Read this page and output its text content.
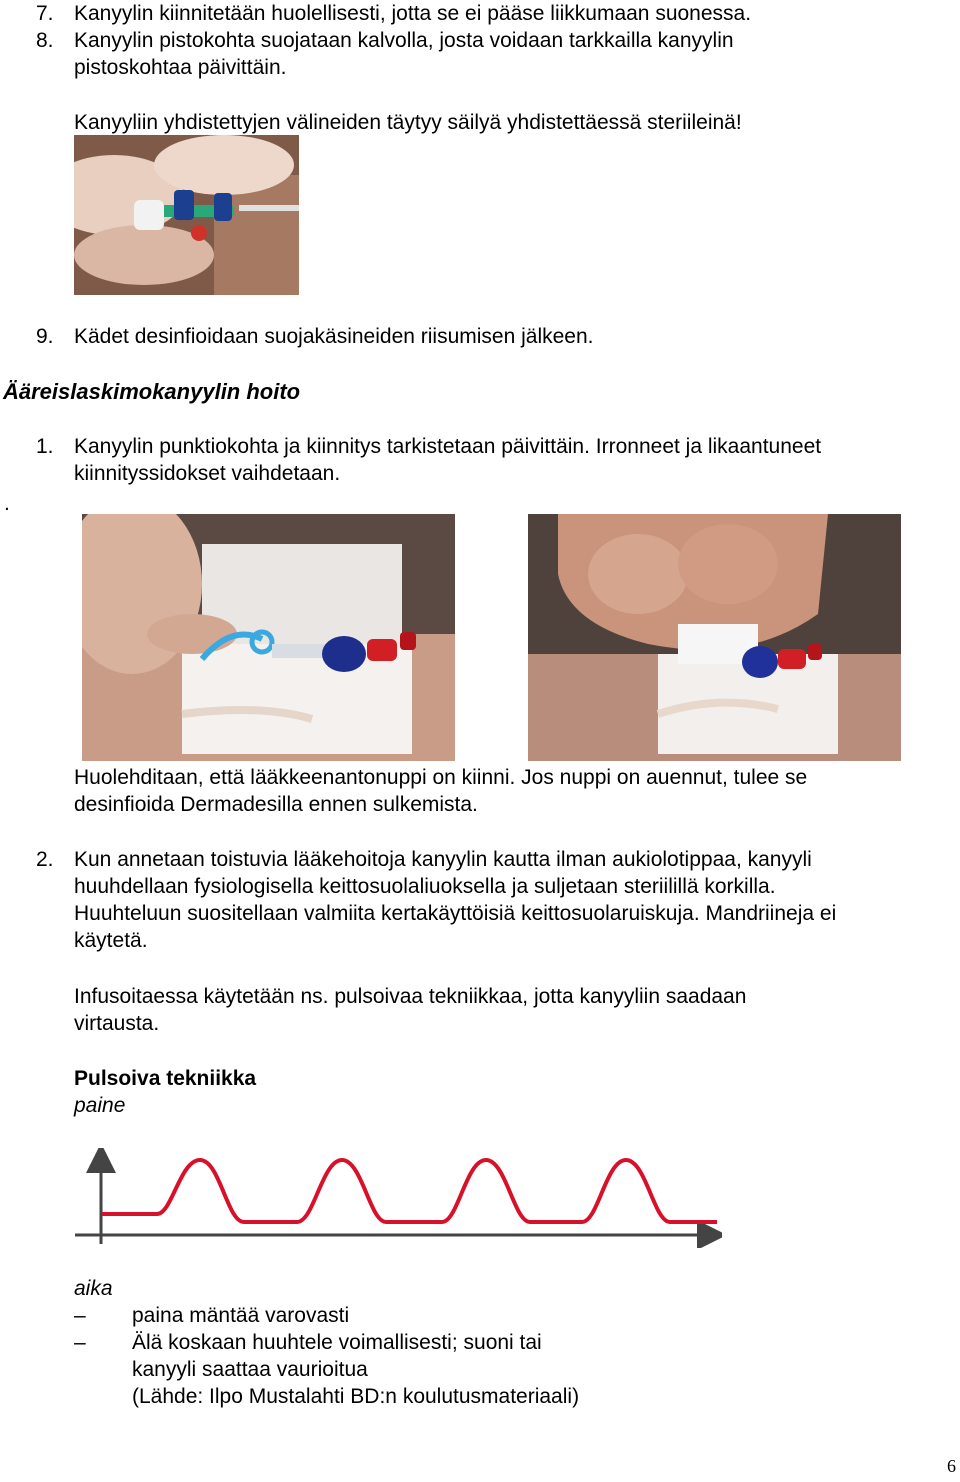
7. Kanyylin kiinnitetään huolellisesti, jotta se ei pääse liikkumaan suonessa.
8. Kanyylin pistokohta suojataan kalvolla, josta voidaan tarkkailla kanyylin
pistoskohtaa päivittäin.
Kanyyliin yhdistettyjen välineiden täytyy säilyä yhdistettäessä steriileinä!
9. Kädet desinfioidaan suojakäsineiden riisumisen jälkeen.
Ääreislaskimokanyylin hoito
1. Kanyylin punktiokohta ja kiinnitys tarkistetaan päivittäin. Irronneet ja likaantuneet
kiinnityssidokset vaihdetaan.
.
Huolehditaan, että lääkkeenantonuppi on kiinni. Jos nuppi on auennut, tulee se
desinfioida Dermadesilla ennen sulkemista.
2. Kun annetaan toistuvia lääkehoitoja kanyylin kautta ilman aukiolotippaa, kanyyli
huuhdellaan fysiologisella keittosuolaliuoksella ja suljetaan steriilillä korkilla.
Huuhteluun suositellaan valmiita kertakäyttöisiä keittosuolaruiskuja. Mandriineja ei
käytetä.
Infusoitaessa käytetään ns. pulsoivaa tekniikkaa, jotta kanyyliin saadaan
virtausta.
Pulsoiva tekniikka
paine
aika
–	paina mäntää varovasti
–	Älä koskaan huuhtele voimallisesti; suoni tai
kanyyli saattaa vaurioitua
(Lähde: Ilpo Mustalahti BD:n koulutusmateriaali)
6
